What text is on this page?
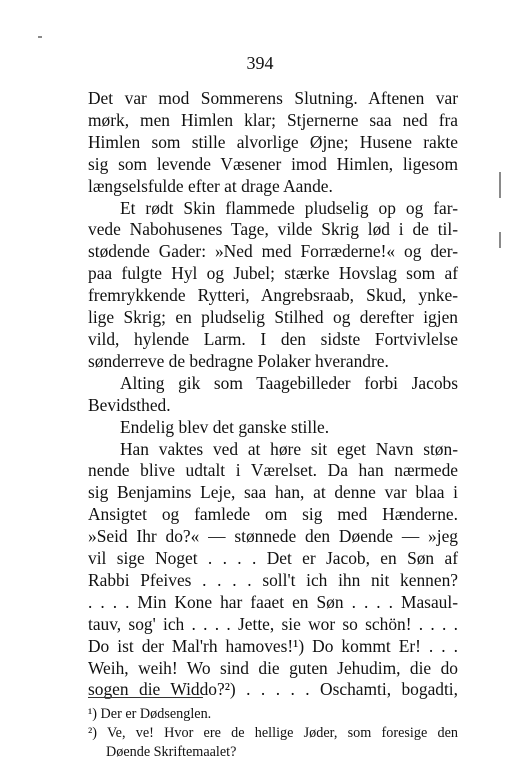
394
Det var mod Sommerens Slutning. Aftenen var
mørk, men Himlen klar; Stjernerne saa ned fra
Himlen som stille alvorlige Øjne; Husene rakte
sig som levende Væsener imod Himlen, ligesom
længselsfulde efter at drage Aande.
Et rødt Skin flammede pludselig op og far-
vede Nabohusenes Tage, vilde Skrig lød i de til-
stødende Gader: »Ned med Forræderne!« og der-
paa fulgte Hyl og Jubel; stærke Hovslag som af
fremrykkende Rytteri, Angrebsraab, Skud, ynke-
lige Skrig; en pludselig Stilhed og derefter igjen
vild, hylende Larm. I den sidste Fortvivlelse
sønderreve de bedragne Polaker hverandre.
Alting gik som Taagebilleder forbi Jacobs
Bevidsthed.
Endelig blev det ganske stille.
Han vaktes ved at høre sit eget Navn støn-
nende blive udtalt i Værelset. Da han nærmede
sig Benjamins Leje, saa han, at denne var blaa i
Ansigtet og famlede om sig med Hænderne.
»Seid Ihr do?« — stønnede den Døende — »jeg
vil sige Noget . . . . Det er Jacob, en Søn af
Rabbi Pfeives . . . . soll't ich ihn nit kennen?
. . . . Min Kone har faaet en Søn . . . . Masaul-
tauv, sog' ich . . . . Jette, sie wor so schön! . . . .
Do ist der Mal'rh hamoves!¹) Do kommt Er! . . .
Weih, weih! Wo sind die guten Jehudim, die do
sogen die Widdo?²) . . . . . Oschamti, bogadti,
¹) Der er Dødsenglen.
²) Ve, ve! Hvor ere de hellige Jøder, som foresige den
Døende Skriftemaalet?
